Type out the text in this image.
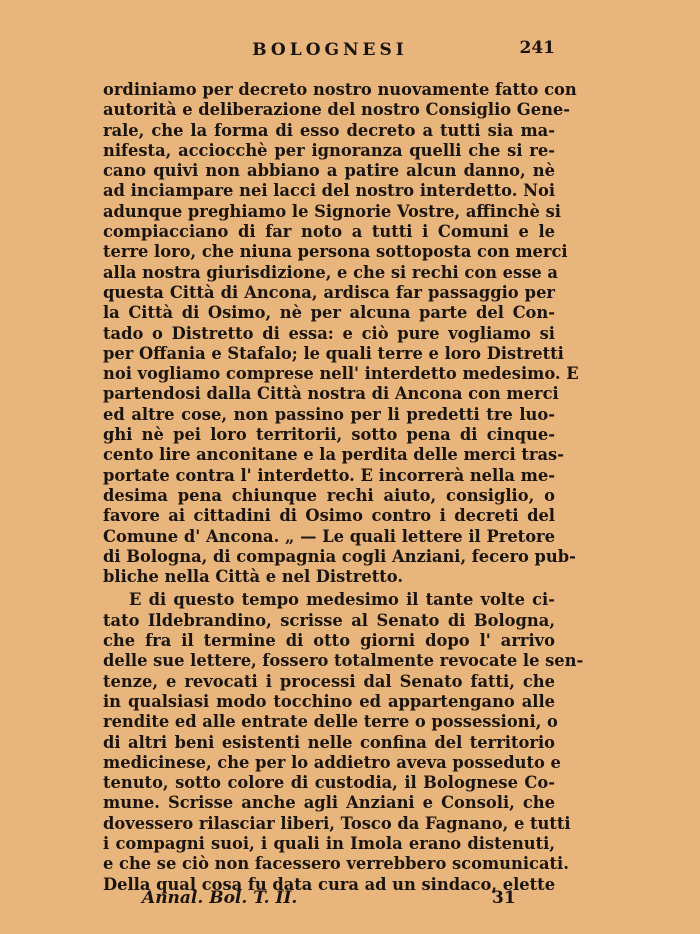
BOLOGNESI	241
ordiniamo per decreto nostro nuovamente fatto con
autorità e deliberazione del nostro Consiglio Gene-
rale, che la forma di esso decreto a tutti sia ma-
nifesta, acciocchè per ignoranza quelli che si re-
cano quivi non abbiano a patire alcun danno, nè
ad inciampare nei lacci del nostro interdetto. Noi
adunque preghiamo le Signorie Vostre, affinchè si
compiacciano di far noto a tutti i Comuni e le
terre loro, che niuna persona sottoposta con merci
alla nostra giurisdizione, e che si rechi con esse a
questa Città di Ancona, ardisca far passaggio per
la Città di Osimo, nè per alcuna parte del Con-
tado o Distretto di essa: e ciò pure vogliamo si
per Offania e Stafalo; le quali terre e loro Distretti
noi vogliamo comprese nell' interdetto medesimo. E
partendosi dalla Città nostra di Ancona con merci
ed altre cose, non passino per li predetti tre luo-
ghi nè pei loro territorii, sotto pena di cinque-
cento lire anconitane e la perdita delle merci tras-
portate contra l' interdetto. E incorrerà nella me-
desima pena chiunque rechi aiuto, consiglio, o
favore ai cittadini di Osimo contro i decreti del
Comune d' Ancona. „ — Le quali lettere il Pretore
di Bologna, di compagnia cogli Anziani, fecero pub-
bliche nella Città e nel Distretto.
E di questo tempo medesimo il tante volte ci-
tato Ildebrandino, scrisse al Senato di Bologna,
che fra il termine di otto giorni dopo l' arrivo
delle sue lettere, fossero totalmente revocate le sen-
tenze, e revocati i processi dal Senato fatti, che
in qualsiasi modo tocchino ed appartengano alle
rendite ed alle entrate delle terre o possessioni, o
di altri beni esistenti nelle confina del territorio
medicinese, che per lo addietro aveva posseduto e
tenuto, sotto colore di custodia, il Bolognese Co-
mune. Scrisse anche agli Anziani e Consoli, che
dovessero rilasciar liberi, Tosco da Fagnano, e tutti
i compagni suoi, i quali in Imola erano distenuti,
e che se ciò non facessero verrebbero scomunicati.
Della qual cosa fu data cura ad un sindaco, elette
Annal. Bol. T. II.	31
